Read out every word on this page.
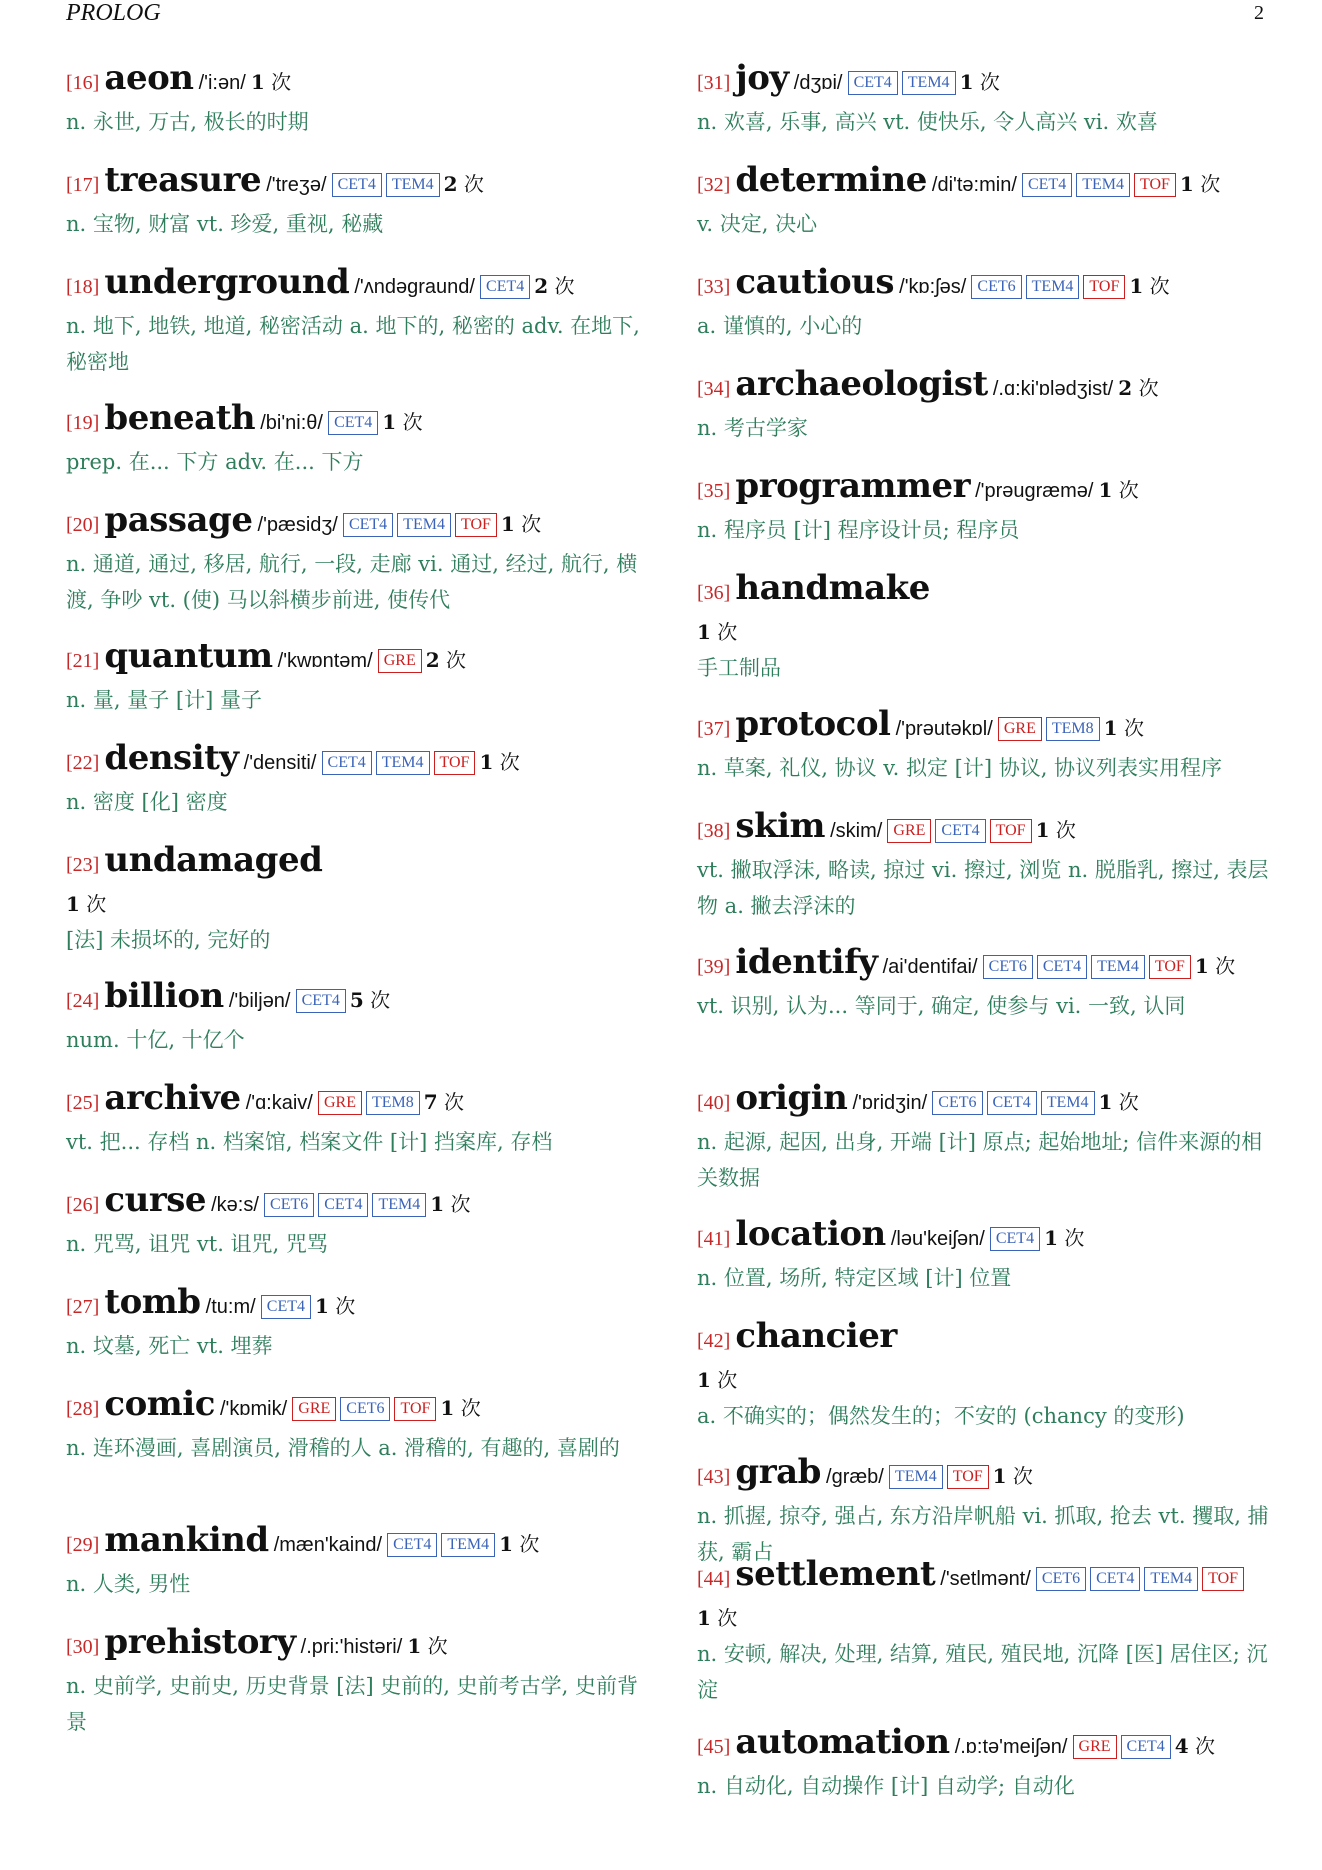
PROLOG	2
[16] aeon /'i:ən/ 1 次
n. 永世, 万古, 极长的时期
[17] treasure /'treʒə/ CET4 TEM4 2 次
n. 宝物, 财富 vt. 珍爱, 重视, 秘藏
[18] underground /'ʌndəgraund/ CET4 2 次
n. 地下, 地铁, 地道, 秘密活动 a. 地下的, 秘密的 adv. 在地下, 秘密地
[19] beneath /bi'ni:θ/ CET4 1 次
prep. 在... 下方 adv. 在... 下方
[20] passage /'pæsidʒ/ CET4 TEM4 TOF 1 次
n. 通道, 通过, 移居, 航行, 一段, 走廊 vi. 通过, 经过, 航行, 横渡, 争吵 vt. (使) 马以斜横步前进, 使传代
[21] quantum /'kwɒntəm/ GRE 2 次
n. 量, 量子 [计] 量子
[22] density /'densiti/ CET4 TEM4 TOF 1 次
n. 密度 [化] 密度
[23] undamaged
1 次
[法] 未损坏的, 完好的
[24] billion /'biljən/ CET4 5 次
num. 十亿, 十亿个
[25] archive /'ɑ:kaiv/ GRE TEM8 7 次
vt. 把... 存档 n. 档案馆, 档案文件 [计] 挡案库, 存档
[26] curse /kə:s/ CET6 CET4 TEM4 1 次
n. 咒骂, 诅咒 vt. 诅咒, 咒骂
[27] tomb /tu:m/ CET4 1 次
n. 坟墓, 死亡 vt. 埋葬
[28] comic /'kɒmik/ GRE CET6 TOF 1 次
n. 连环漫画, 喜剧演员, 滑稽的人 a. 滑稽的, 有趣的, 喜剧的
[29] mankind /mæn'kaind/ CET4 TEM4 1 次
n. 人类, 男性
[30] prehistory /.pri:'histəri/ 1 次
n. 史前学, 史前史, 历史背景 [法] 史前的, 史前考古学, 史前背景
[31] joy /dʒɒi/ CET4 TEM4 1 次
n. 欢喜, 乐事, 高兴 vt. 使快乐, 令人高兴 vi. 欢喜
[32] determine /di'tə:min/ CET4 TEM4 TOF 1 次
v. 决定, 决心
[33] cautious /'kɒ:ʃəs/ CET6 TEM4 TOF 1 次
a. 谨慎的, 小心的
[34] archaeologist /.ɑ:ki'ɒlədʒist/ 2 次
n. 考古学家
[35] programmer /'prəugræmə/ 1 次
n. 程序员 [计] 程序设计员; 程序员
[36] handmake
1 次
手工制品
[37] protocol /'prəutəkɒl/ GRE TEM8 1 次
n. 草案, 礼仪, 协议 v. 拟定 [计] 协议, 协议列表实用程序
[38] skim /skim/ GRE CET4 TOF 1 次
vt. 撇取浮沫, 略读, 掠过 vi. 擦过, 浏览 n. 脱脂乳, 擦过, 表层物 a. 撇去浮沫的
[39] identify /ai'dentifai/ CET6 CET4 TEM4 TOF 1 次
vt. 识别, 认为... 等同于, 确定, 使参与 vi. 一致, 认同
[40] origin /'ɒridʒin/ CET6 CET4 TEM4 1 次
n. 起源, 起因, 出身, 开端 [计] 原点; 起始地址; 信件来源的相关数据
[41] location /ləu'keiʃən/ CET4 1 次
n. 位置, 场所, 特定区域 [计] 位置
[42] chancier
1 次
a. 不确实的；偶然发生的；不安的 (chancy 的变形)
[43] grab /græb/ TEM4 TOF 1 次
n. 抓握, 掠夺, 强占, 东方沿岸帆船 vi. 抓取, 抢去 vt. 攫取, 捕获, 霸占
[44] settlement /'setlmənt/ CET6 CET4 TEM4 TOF
1 次
n. 安顿, 解决, 处理, 结算, 殖民, 殖民地, 沉降 [医] 居住区; 沉淀
[45] automation /.ɒ:tə'meiʃən/ GRE CET4 4 次
n. 自动化, 自动操作 [计] 自动学; 自动化
